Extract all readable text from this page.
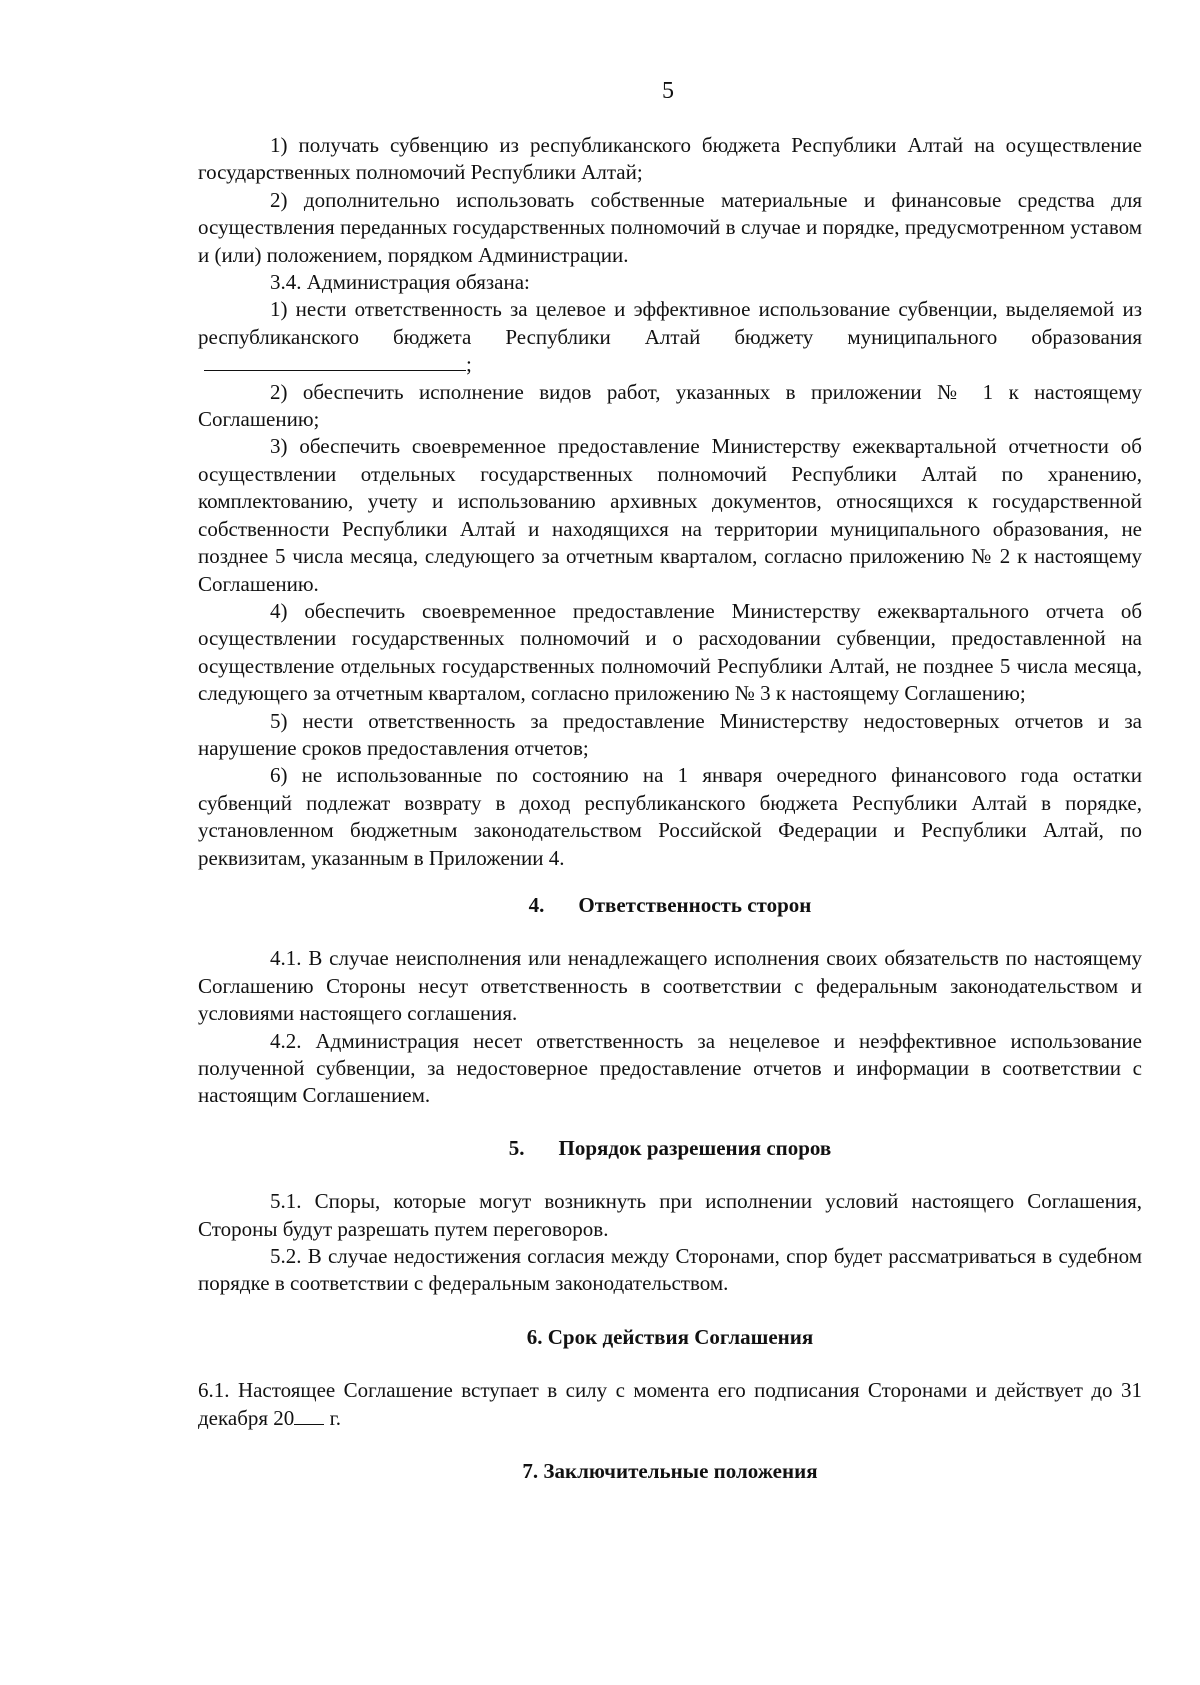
5

1) получать субвенцию из республиканского бюджета Республики Алтай на осуществление государственных полномочий Республики Алтай;

2) дополнительно использовать собственные материальные и финансовые средства для осуществления переданных государственных полномочий в случае и порядке, предусмотренном уставом и (или) положением, порядком Администрации.

3.4. Администрация обязана:

1) нести ответственность за целевое и эффективное использование субвенции, выделяемой из республиканского бюджета Республики Алтай бюджету муниципального образования;

2) обеспечить исполнение видов работ, указанных в приложении № 1 к настоящему Соглашению;

3) обеспечить своевременное предоставление Министерству ежеквартальной отчетности об осуществлении отдельных государственных полномочий Республики Алтай по хранению, комплектованию, учету и использованию архивных документов, относящихся к государственной собственности Республики Алтай и находящихся на территории муниципального образования, не позднее 5 числа месяца, следующего за отчетным кварталом, согласно приложению № 2 к настоящему Соглашению.

4) обеспечить своевременное предоставление Министерству ежеквартального отчета об осуществлении государственных полномочий и о расходовании субвенции, предоставленной на осуществление отдельных государственных полномочий Республики Алтай, не позднее 5 числа месяца, следующего за отчетным кварталом, согласно приложению № 3 к настоящему Соглашению;

5) нести ответственность за предоставление Министерству недостоверных отчетов и за нарушение сроков предоставления отчетов;

6) не использованные по состоянию на 1 января очередного финансового года остатки субвенций подлежат возврату в доход республиканского бюджета Республики Алтай в порядке, установленном бюджетным законодательством Российской Федерации и Республики Алтай, по реквизитам, указанным в Приложении 4.

4. Ответственность сторон

4.1. В случае неисполнения или ненадлежащего исполнения своих обязательств по настоящему Соглашению Стороны несут ответственность в соответствии с федеральным законодательством и условиями настоящего соглашения.

4.2. Администрация несет ответственность за нецелевое и неэффективное использование полученной субвенции, за недостоверное предоставление отчетов и информации в соответствии с настоящим Соглашением.

5. Порядок разрешения споров

5.1. Споры, которые могут возникнуть при исполнении условий настоящего Соглашения, Стороны будут разрешать путем переговоров.

5.2. В случае недостижения согласия между Сторонами, спор будет рассматриваться в судебном порядке в соответствии с федеральным законодательством.

6. Срок действия Соглашения

6.1. Настоящее Соглашение вступает в силу с момента его подписания Сторонами и действует до 31 декабря 20 г.

7. Заключительные положения
